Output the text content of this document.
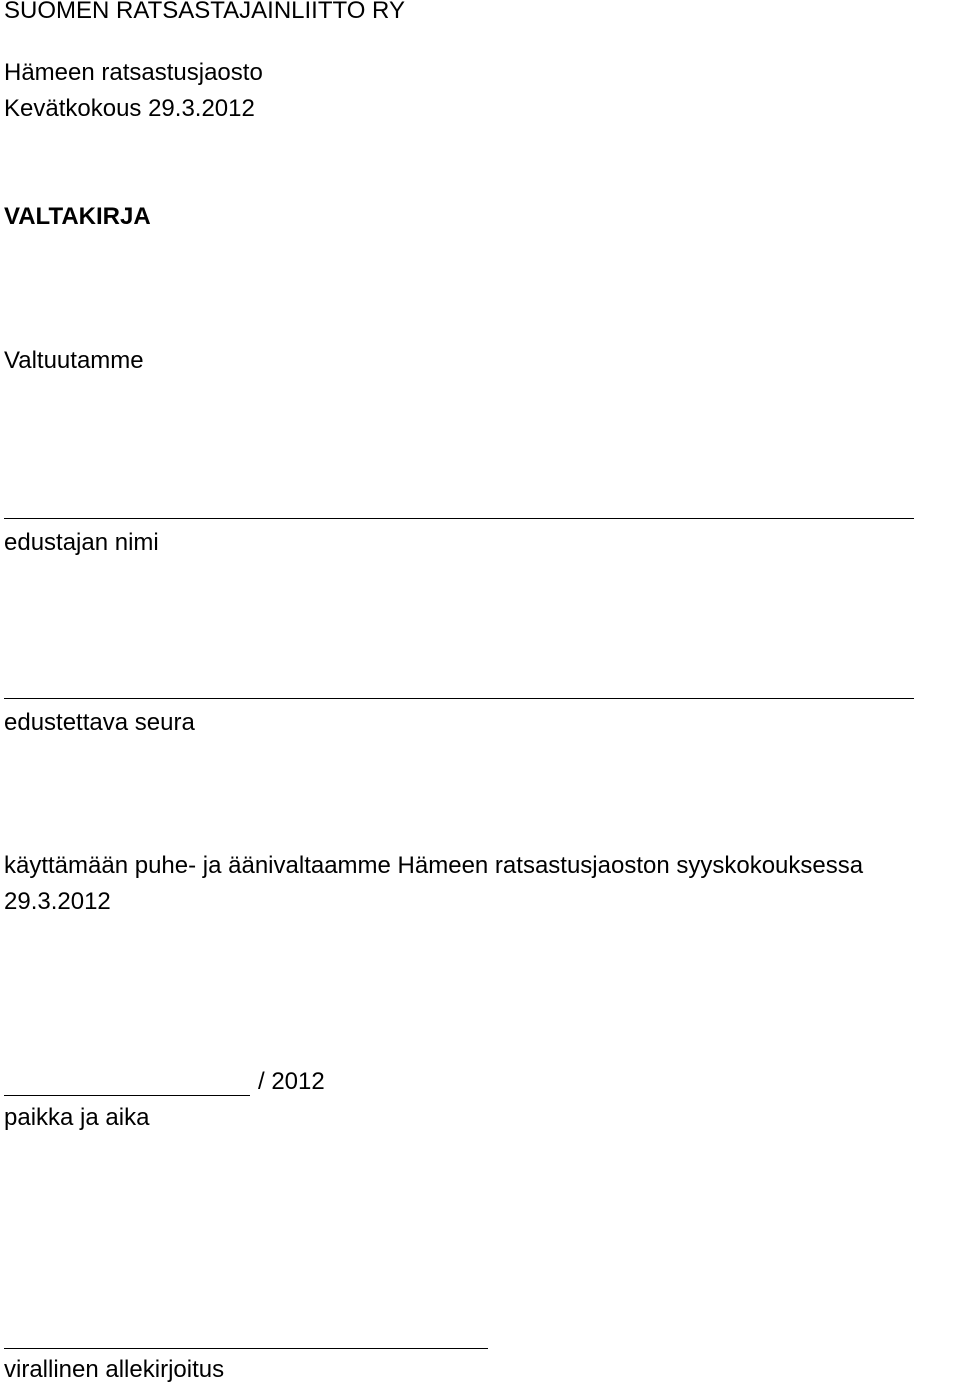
SUOMEN RATSASTAJAINLIITTO RY
Hämeen ratsastusjaosto
Kevätkokous 29.3.2012
VALTAKIRJA
Valtuutamme
edustajan nimi
edustettava seura
käyttämään puhe- ja äänivaltaamme Hämeen ratsastusjaoston syyskokouksessa
29.3.2012
/ 2012
paikka ja aika
virallinen allekirjoitus
